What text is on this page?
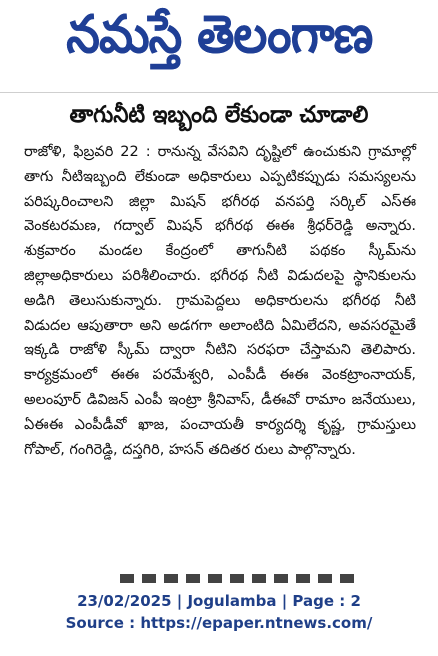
నమస్తే తెలంగాణ
తాగునీటి ఇబ్బంది లేకుండా చూడాలి
రాజోళి, ఫిబ్రవరి 22 : రానున్న వేసవిని దృష్టిలో ఉంచుకుని గ్రామాల్లో తాగు నీటిఇబ్బంది లేకుండా అధికారులు ఎప్పటికప్పుడు సమస్యలను పరిష్కరించాలని జిల్లా మిషన్ భగీరథ వనపర్తి సర్కిల్ ఎస్ఈ వెంకటరమణ, గద్వాల్ మిషన్ భగీరథ ఈఈ శ్రీధర్‌రెడ్డి అన్నారు. శుక్రవారం మండల కేంద్రంలో తాగునీటి పథకం స్కీమ్‌ను జిల్లాఅధికారులు పరిశీలించారు. భగీరథ నీటి విడుదలపై స్థానికులను అడిగి తెలుసుకున్నారు. గ్రామపెద్దలు అధికారులను భగీరథ నీటి విడుదల ఆపుతారా అని అడగగా అలాంటిది ఏమిలేదని, అవసరమైతే ఇక్కడి రాజోళి స్కీమ్ ద్వారా నీటిని సరఫరా చేస్తామని తెలిపారు. కార్యక్రమంలో ఈఈ పరమేశ్వరి, ఎంపీడీ ఈఈ వెంకట్రాంనాయక్, అలంపూర్ డివిజన్ ఎంపీ ఇంట్రా శ్రీనివాస్, డీఈవో రామాం జనేయులు, ఏఈఈ ఎంపీడీవో ఖాజ, పంచాయతీ కార్యదర్శి కృష్ణ, గ్రామస్తులు గోపాల్, గంగిరెడ్డి, దస్తగిరి, హసన్ తదితర రులు పాల్గొన్నారు.
23/02/2025 | Jogulamba | Page : 2
Source : https://epaper.ntnews.com/
